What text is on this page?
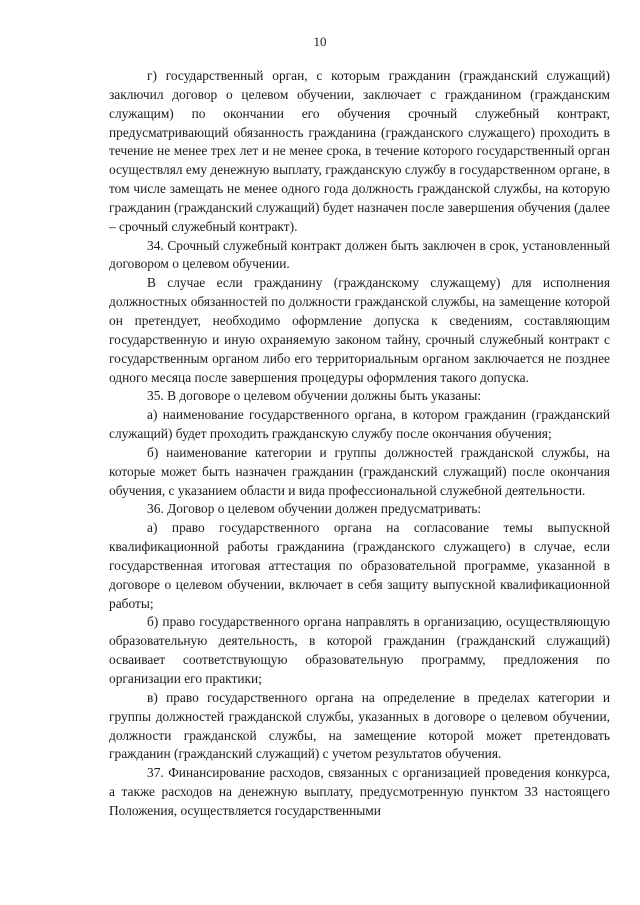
10

г) государственный орган, с которым гражданин (гражданский служащий) заключил договор о целевом обучении, заключает с гражданином (гражданским служащим) по окончании его обучения срочный служебный контракт, предусматривающий обязанность гражданина (гражданского служащего) проходить в течение не менее трех лет и не менее срока, в течение которого государственный орган осуществлял ему денежную выплату, гражданскую службу в государственном органе, в том числе замещать не менее одного года должность гражданской службы, на которую гражданин (гражданский служащий) будет назначен после завершения обучения (далее – срочный служебный контракт).

34. Срочный служебный контракт должен быть заключен в срок, установленный договором о целевом обучении.

В случае если гражданину (гражданскому служащему) для исполнения должностных обязанностей по должности гражданской службы, на замещение которой он претендует, необходимо оформление допуска к сведениям, составляющим государственную и иную охраняемую законом тайну, срочный служебный контракт с государственным органом либо его территориальным органом заключается не позднее одного месяца после завершения процедуры оформления такого допуска.

35. В договоре о целевом обучении должны быть указаны:

а) наименование государственного органа, в котором гражданин (гражданский служащий) будет проходить гражданскую службу после окончания обучения;

б) наименование категории и группы должностей гражданской службы, на которые может быть назначен гражданин (гражданский служащий) после окончания обучения, с указанием области и вида профессиональной служебной деятельности.

36. Договор о целевом обучении должен предусматривать:

а) право государственного органа на согласование темы выпускной квалификационной работы гражданина (гражданского служащего) в случае, если государственная итоговая аттестация по образовательной программе, указанной в договоре о целевом обучении, включает в себя защиту выпускной квалификационной работы;

б) право государственного органа направлять в организацию, осуществляющую образовательную деятельность, в которой гражданин (гражданский служащий) осваивает соответствующую образовательную программу, предложения по организации его практики;

в) право государственного органа на определение в пределах категории и группы должностей гражданской службы, указанных в договоре о целевом обучении, должности гражданской службы, на замещение которой может претендовать гражданин (гражданский служащий) с учетом результатов обучения.

37. Финансирование расходов, связанных с организацией проведения конкурса, а также расходов на денежную выплату, предусмотренную пунктом 33 настоящего Положения, осуществляется государственными
